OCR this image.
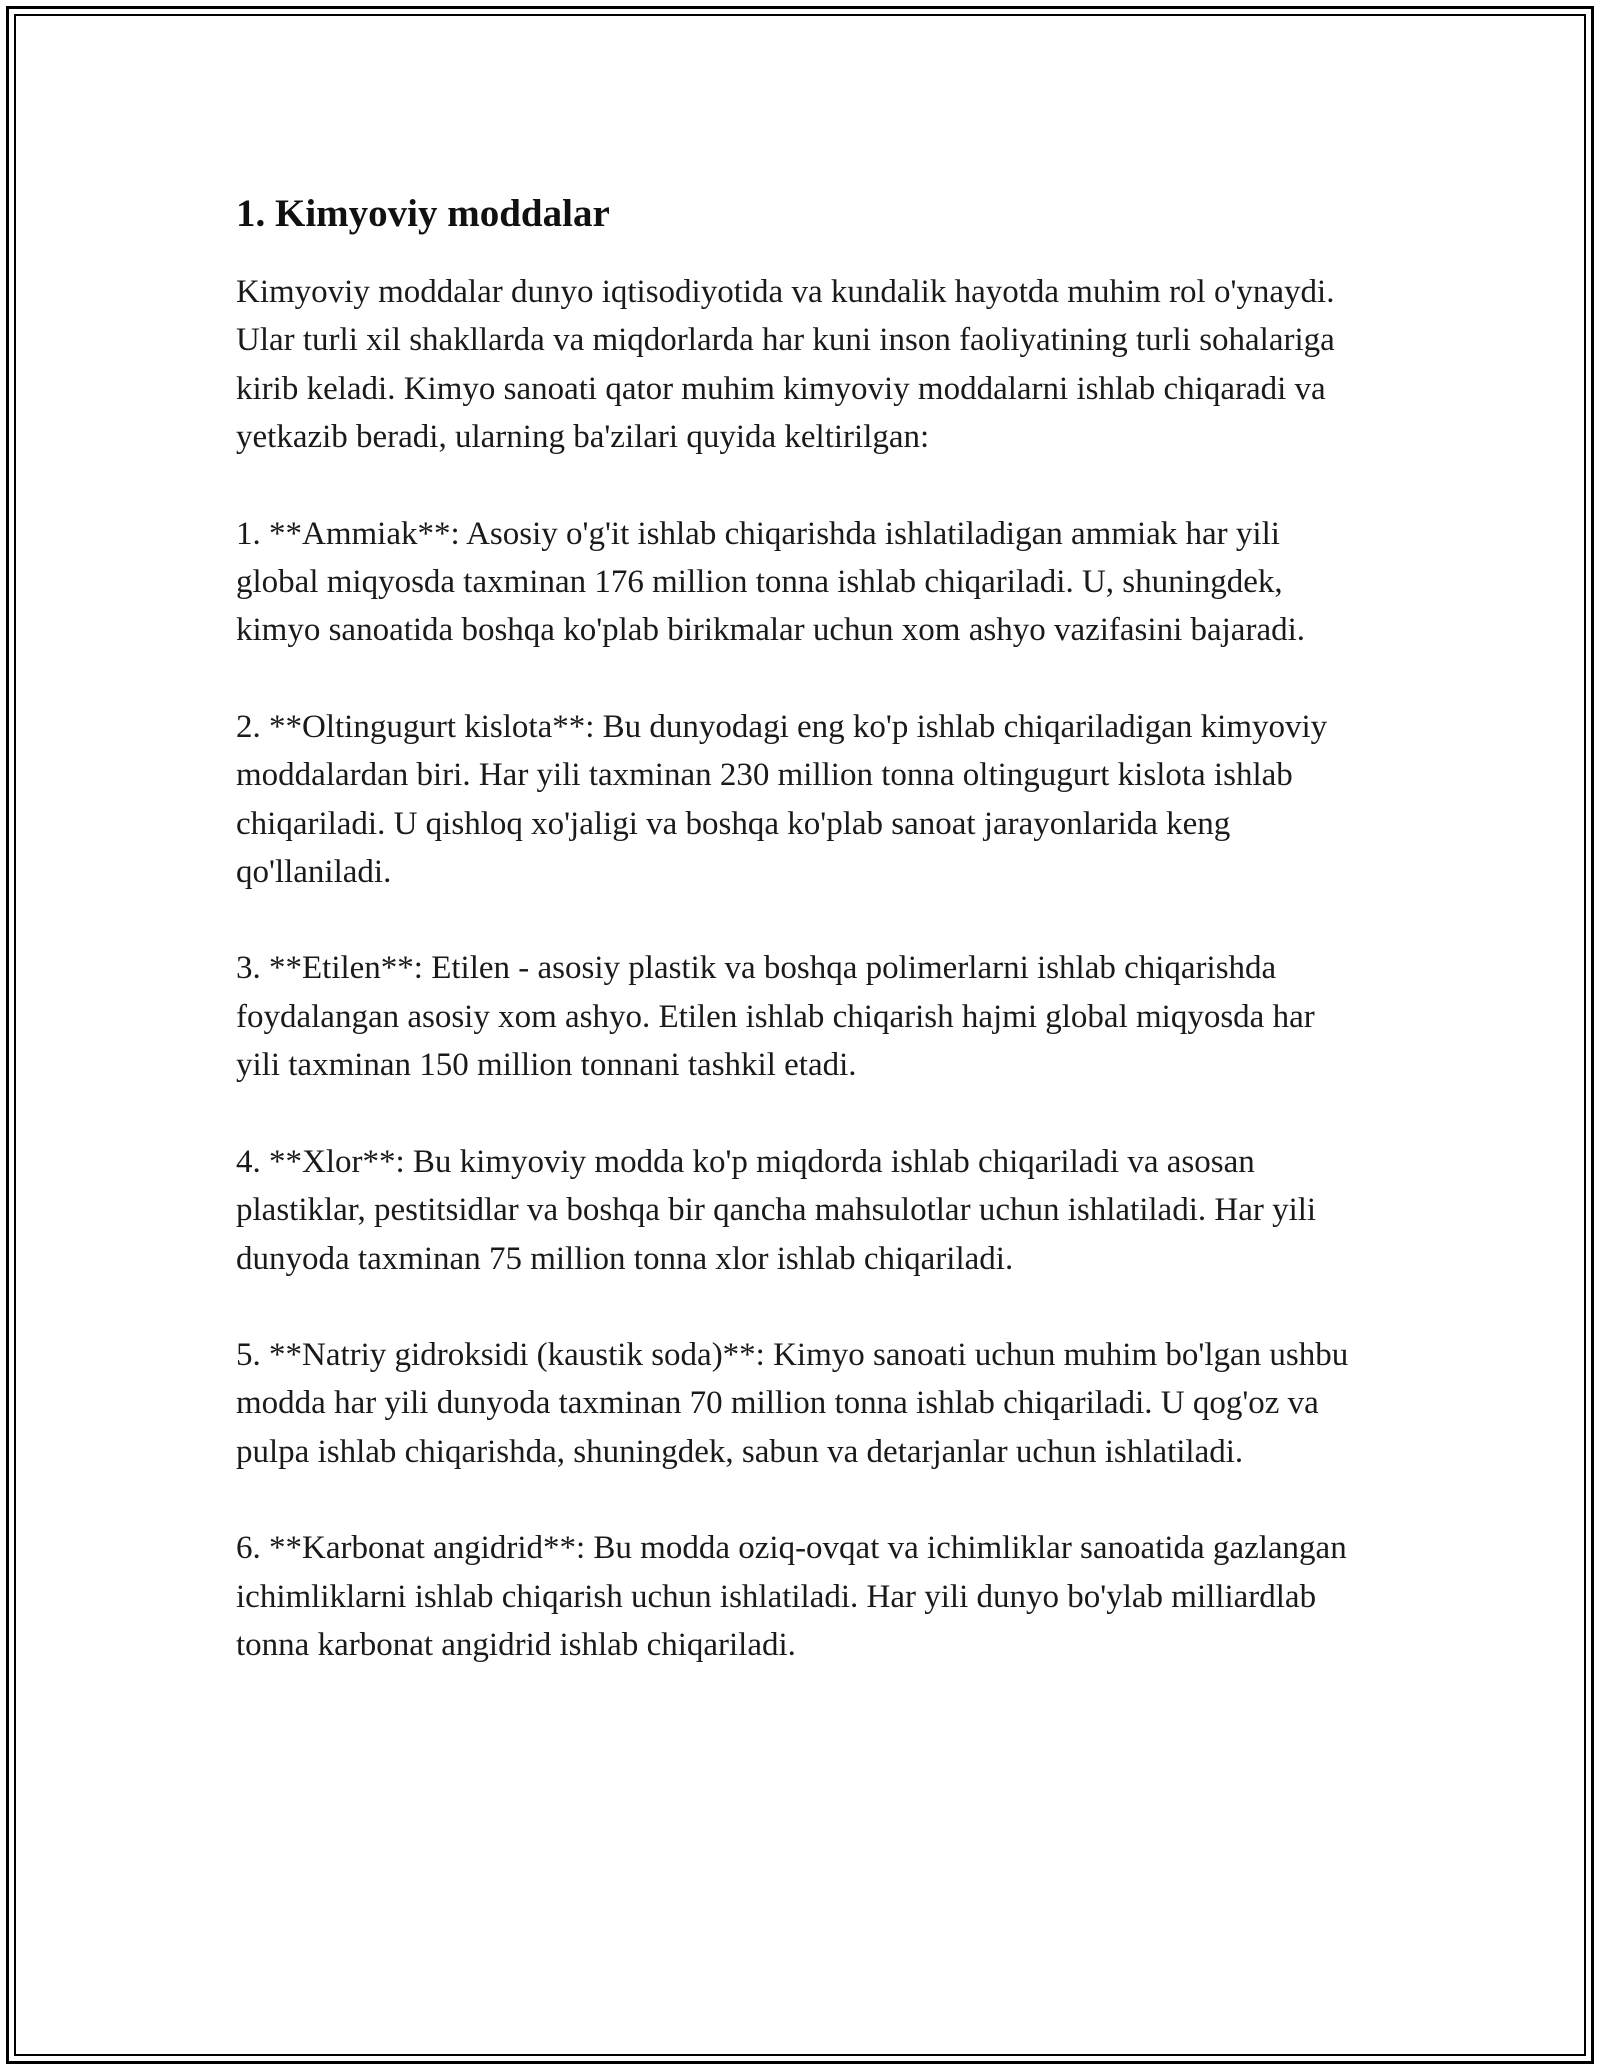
1. Kimyoviy moddalar

Kimyoviy moddalar dunyo iqtisodiyotida va kundalik hayotda muhim rol o'ynaydi. Ular turli xil shakllarda va miqdorlarda har kuni inson faoliyatining turli sohalariga kirib keladi. Kimyo sanoati qator muhim kimyoviy moddalarni ishlab chiqaradi va yetkazib beradi, ularning ba'zilari quyida keltirilgan:

1. **Ammiak**: Asosiy o'g'it ishlab chiqarishda ishlatiladigan ammiak har yili global miqyosda taxminan 176 million tonna ishlab chiqariladi. U, shuningdek, kimyo sanoatida boshqa ko'plab birikmalar uchun xom ashyo vazifasini bajaradi.

2. **Oltingugurt kislota**: Bu dunyodagi eng ko'p ishlab chiqariladigan kimyoviy moddalardan biri. Har yili taxminan 230 million tonna oltingugurt kislota ishlab chiqariladi. U qishloq xo'jaligi va boshqa ko'plab sanoat jarayonlarida keng qo'llaniladi.

3. **Etilen**: Etilen - asosiy plastik va boshqa polimerlarni ishlab chiqarishda foydalangan asosiy xom ashyo. Etilen ishlab chiqarish hajmi global miqyosda har yili taxminan 150 million tonnani tashkil etadi.

4. **Xlor**: Bu kimyoviy modda ko'p miqdorda ishlab chiqariladi va asosan plastiklar, pestitsidlar va boshqa bir qancha mahsulotlar uchun ishlatiladi. Har yili dunyoda taxminan 75 million tonna xlor ishlab chiqariladi.

5. **Natriy gidroksidi (kaustik soda)**: Kimyo sanoati uchun muhim bo'lgan ushbu modda har yili dunyoda taxminan 70 million tonna ishlab chiqariladi. U qog'oz va pulpa ishlab chiqarishda, shuningdek, sabun va detarjanlar uchun ishlatiladi.

6. **Karbonat angidrid**: Bu modda oziq-ovqat va ichimliklar sanoatida gazlangan ichimliklarni ishlab chiqarish uchun ishlatiladi. Har yili dunyo bo'ylab milliardlab tonna karbonat angidrid ishlab chiqariladi.
